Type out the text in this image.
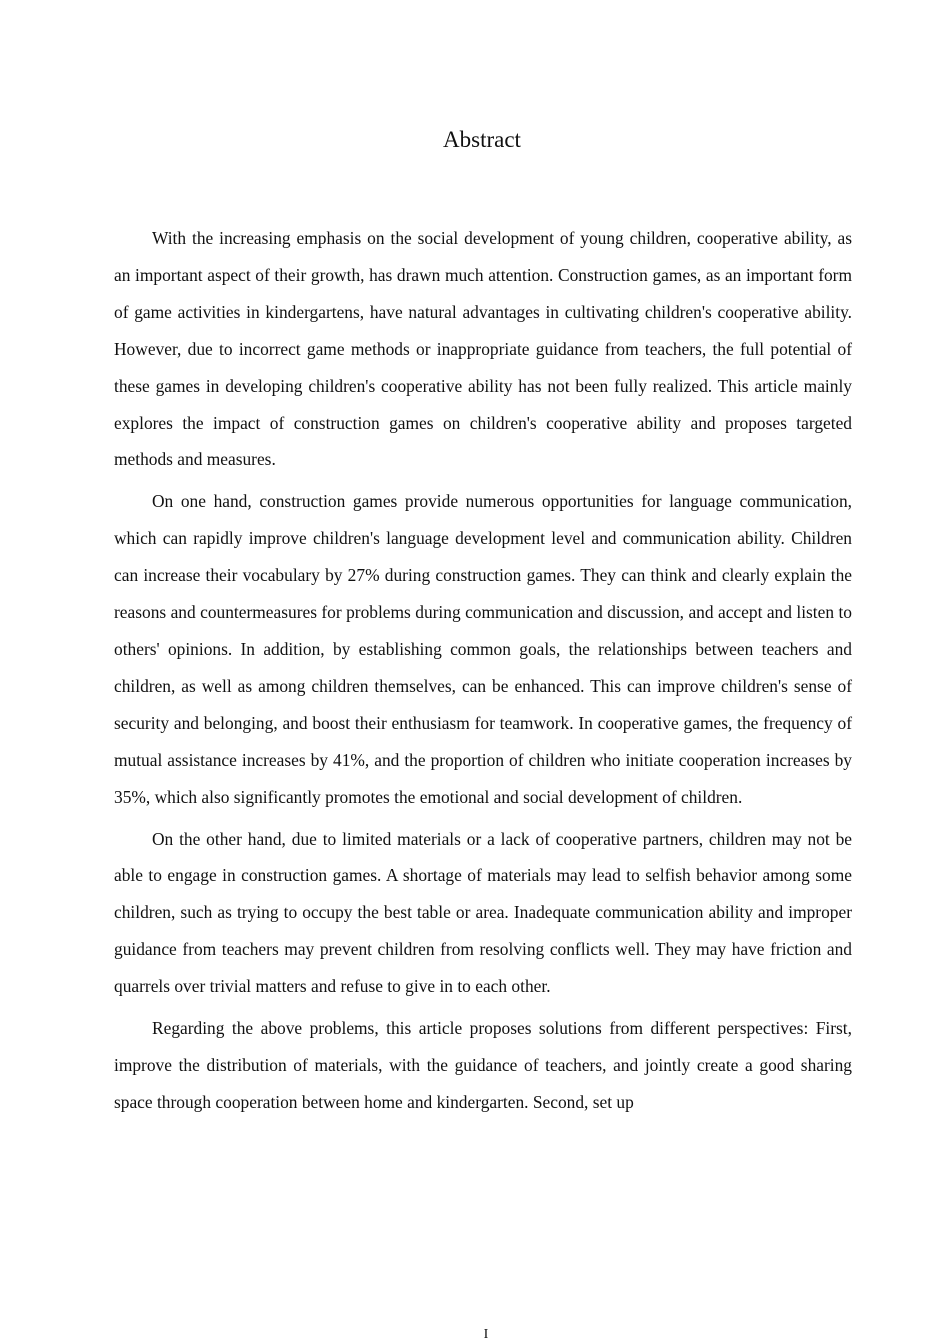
Abstract

With the increasing emphasis on the social development of young children, cooperative ability, as an important aspect of their growth, has drawn much attention. Construction games, as an important form of game activities in kindergartens, have natural advantages in cultivating children's cooperative ability. However, due to incorrect game methods or inappropriate guidance from teachers, the full potential of these games in developing children's cooperative ability has not been fully realized. This article mainly explores the impact of construction games on children's cooperative ability and proposes targeted methods and measures.

On one hand, construction games provide numerous opportunities for language communication, which can rapidly improve children's language development level and communication ability. Children can increase their vocabulary by 27% during construction games. They can think and clearly explain the reasons and countermeasures for problems during communication and discussion, and accept and listen to others' opinions. In addition, by establishing common goals, the relationships between teachers and children, as well as among children themselves, can be enhanced. This can improve children's sense of security and belonging, and boost their enthusiasm for teamwork. In cooperative games, the frequency of mutual assistance increases by 41%, and the proportion of children who initiate cooperation increases by 35%, which also significantly promotes the emotional and social development of children.

On the other hand, due to limited materials or a lack of cooperative partners, children may not be able to engage in construction games. A shortage of materials may lead to selfish behavior among some children, such as trying to occupy the best table or area. Inadequate communication ability and improper guidance from teachers may prevent children from resolving conflicts well. They may have friction and quarrels over trivial matters and refuse to give in to each other.

Regarding the above problems, this article proposes solutions from different perspectives: First, improve the distribution of materials, with the guidance of teachers, and jointly create a good sharing space through cooperation between home and kindergarten. Second, set up

I
